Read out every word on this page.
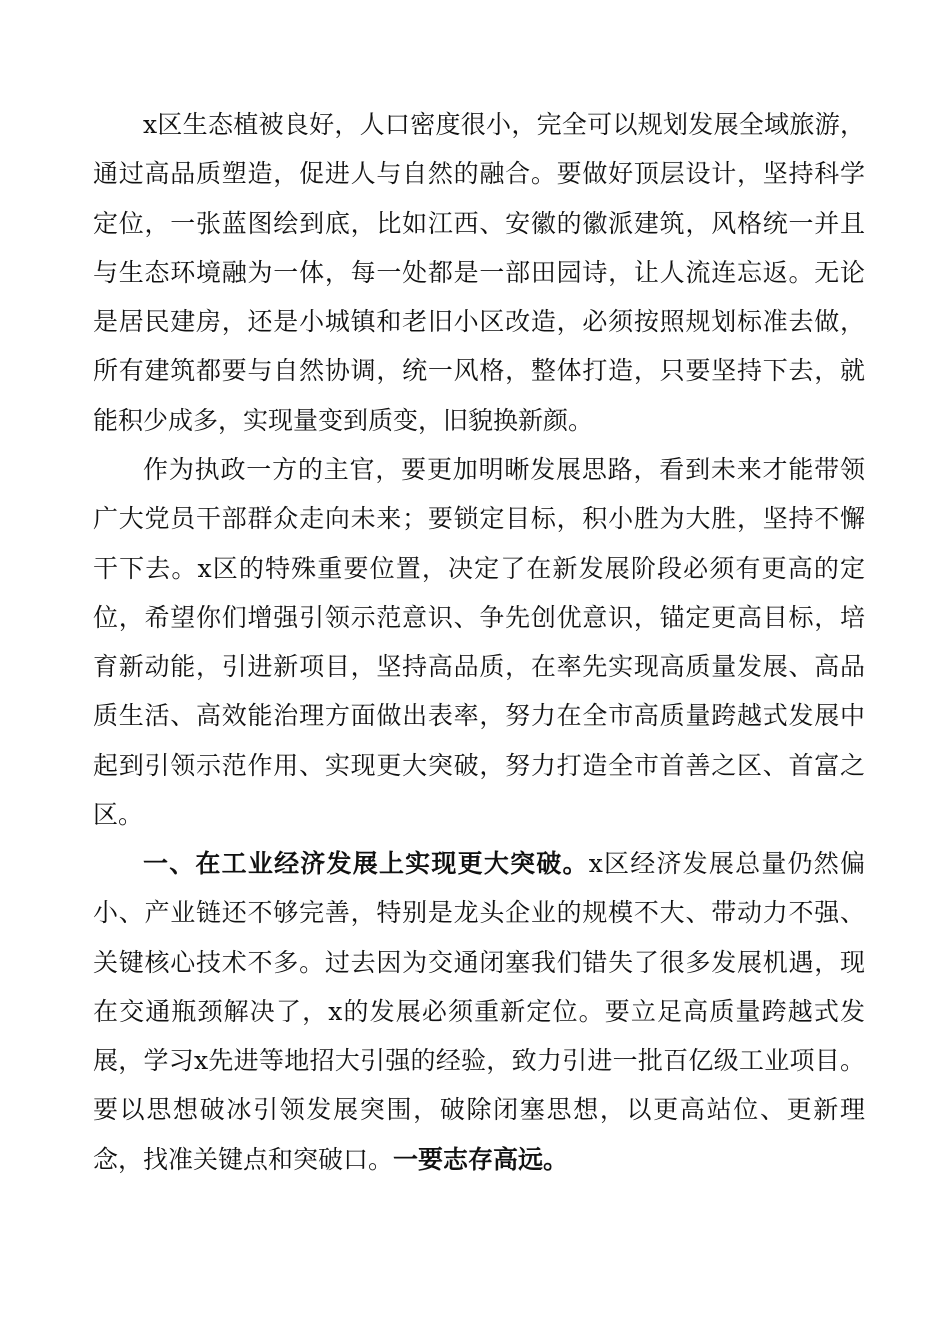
x区生态植被良好，人口密度很小，完全可以规划发展全域旅游，通过高品质塑造，促进人与自然的融合。要做好顶层设计，坚持科学定位，一张蓝图绘到底，比如江西、安徽的徽派建筑，风格统一并且与生态环境融为一体，每一处都是一部田园诗，让人流连忘返。无论是居民建房，还是小城镇和老旧小区改造，必须按照规划标准去做，所有建筑都要与自然协调，统一风格，整体打造，只要坚持下去，就能积少成多，实现量变到质变，旧貌换新颜。

作为执政一方的主官，要更加明晰发展思路，看到未来才能带领广大党员干部群众走向未来；要锁定目标，积小胜为大胜，坚持不懈干下去。x区的特殊重要位置，决定了在新发展阶段必须有更高的定位，希望你们增强引领示范意识、争先创优意识，锚定更高目标，培育新动能，引进新项目，坚持高品质，在率先实现高质量发展、高品质生活、高效能治理方面做出表率，努力在全市高质量跨越式发展中起到引领示范作用、实现更大突破，努力打造全市首善之区、首富之区。

一、在工业经济发展上实现更大突破。x区经济发展总量仍然偏小、产业链还不够完善，特别是龙头企业的规模不大、带动力不强、关键核心技术不多。过去因为交通闭塞我们错失了很多发展机遇，现在交通瓶颈解决了，x的发展必须重新定位。要立足高质量跨越式发展，学习x先进等地招大引强的经验，致力引进一批百亿级工业项目。要以思想破冰引领发展突围，破除闭塞思想，以更高站位、更新理念，找准关键点和突破口。一要志存高远。
